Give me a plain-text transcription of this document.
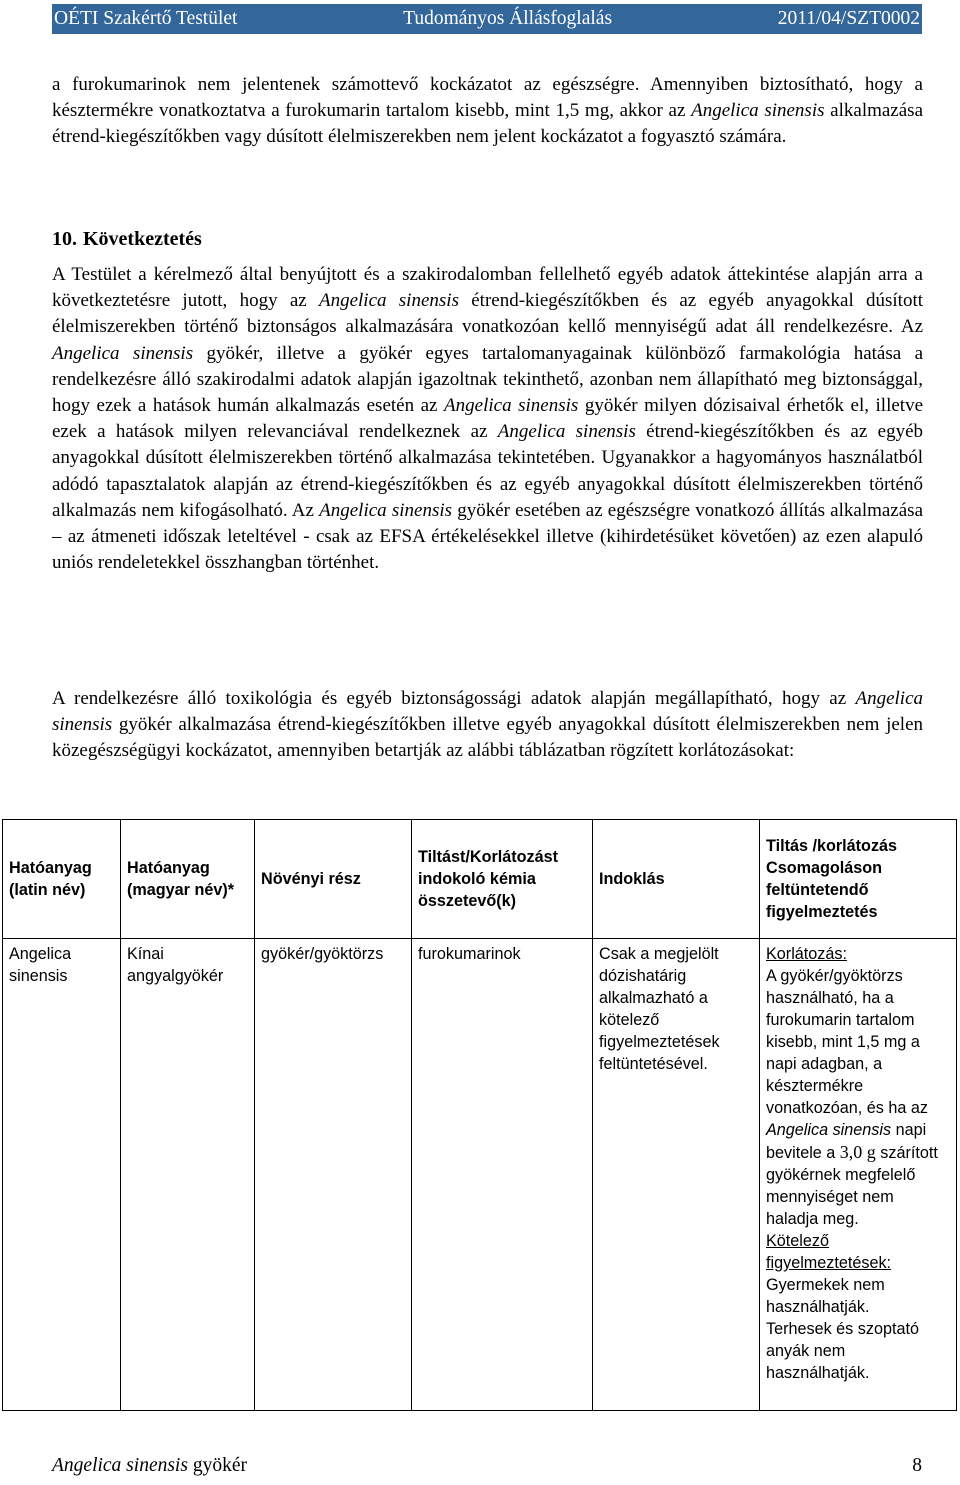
OÉTI Szakértő Testület	Tudományos Állásfoglalás	2011/04/SZT0002

a furokumarinok nem jelentenek számottevő kockázatot az egészségre. Amennyiben biztosítható, hogy a késztermékre vonatkoztatva a furokumarin tartalom kisebb, mint 1,5 mg, akkor az Angelica sinensis alkalmazása étrend-kiegészítőkben vagy dúsított élelmiszerekben nem jelent kockázatot a fogyasztó számára.

10. Következtetés

A Testület a kérelmező által benyújtott és a szakirodalomban fellelhető egyéb adatok áttekintése alapján arra a következtetésre jutott, hogy az Angelica sinensis étrend-kiegészítőkben és az egyéb anyagokkal dúsított élelmiszerekben történő biztonságos alkalmazására vonatkozóan kellő mennyiségű adat áll rendelkezésre. Az Angelica sinensis gyökér, illetve a gyökér egyes tartalomanyagainak különböző farmakológia hatása a rendelkezésre álló szakirodalmi adatok alapján igazoltnak tekinthető, azonban nem állapítható meg biztonsággal, hogy ezek a hatások humán alkalmazás esetén az Angelica sinensis gyökér milyen dózisaival érhetők el, illetve ezek a hatások milyen relevanciával rendelkeznek az Angelica sinensis étrend-kiegészítőkben és az egyéb anyagokkal dúsított élelmiszerekben történő alkalmazása tekintetében. Ugyanakkor a hagyományos használatból adódó tapasztalatok alapján az étrend-kiegészítőkben és az egyéb anyagokkal dúsított élelmiszerekben történő alkalmazás nem kifogásolható. Az Angelica sinensis gyökér esetében az egészségre vonatkozó állítás alkalmazása – az átmeneti időszak leteltével - csak az EFSA értékelésekkel illetve (kihirdetésüket követően) az ezen alapuló uniós rendeletekkel összhangban történhet.

A rendelkezésre álló toxikológia és egyéb biztonságossági adatok alapján megállapítható, hogy az Angelica sinensis gyökér alkalmazása étrend-kiegészítőkben illetve egyéb anyagokkal dúsított élelmiszerekben nem jelen közegészségügyi kockázatot, amennyiben betartják az alábbi táblázatban rögzített korlátozásokat:

Hatóanyag (latin név)	Hatóanyag (magyar név)*	Növényi rész	Tiltást/Korlátozást indokoló kémia összetevő(k)	Indoklás	Tiltás /korlátozás Csomagoláson feltüntetendő figyelmeztetés
Angelica sinensis	Kínai angyalgyökér	gyökér/gyöktörzs	furokumarinok	Csak a megjelölt dózishatárig alkalmazható a kötelező figyelmeztetések feltüntetésével.	Korlátozás:
A gyökér/gyöktörzs használható, ha a furokumarin tartalom kisebb, mint 1,5 mg a napi adagban, a késztermékre vonatkozóan, és ha az Angelica sinensis napi bevitele a 3,0 g szárított gyökérnek megfelelő mennyiséget nem haladja meg.
Kötelező figyelmeztetések:
Gyermekek nem használhatják.
Terhesek és szoptató anyák nem használhatják.
Angelica sinensis gyökér	8
